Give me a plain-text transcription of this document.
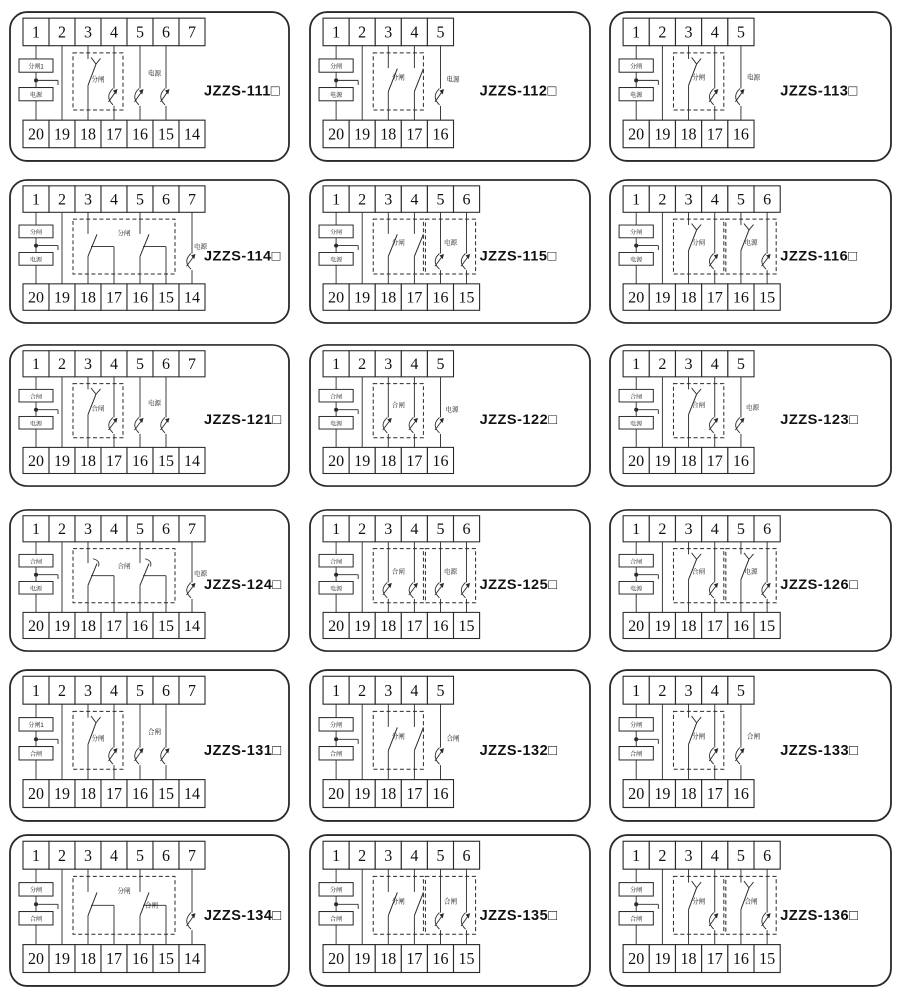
分闸
分闸1
电源
电源
1 2 3 4 5 6 7
20 19 18 17 16 15 14
JZZS-111□
分闸
分闸
电源
电源
1 2 3 4 5
20 19 18 17 16
JZZS-112□
分闸
分闸
电源
电源
1 2 3 4 5
20 19 18 17 16
JZZS-113□
分闸
分闸
电源
电源
1 2 3 4 5 6 7
20 19 18 17 16 15 14
JZZS-114□
分闸	电源
分闸
电源
1 2 3 4 5 6
20 19 18 17 16 15
JZZS-115□
分闸	电源
分闸
电源
1 2 3 4 5 6
20 19 18 17 16 15
JZZS-116□
合闸
合闸
电源
电源
1 2 3 4 5 6 7
20 19 18 17 16 15 14
JZZS-121□
合闸
合闸
电源
电源
1 2 3 4 5
20 19 18 17 16
JZZS-122□
合闸
合闸
电源
电源
1 2 3 4 5
20 19 18 17 16
JZZS-123□
合闸
合闸
电源
电源
1 2 3 4 5 6 7
20 19 18 17 16 15 14
JZZS-124□
合闸	电源
合闸
电源
1 2 3 4 5 6
20 19 18 17 16 15
JZZS-125□
合闸	电源
合闸
电源
1 2 3 4 5 6
20 19 18 17 16 15
JZZS-126□
分闸
分闸1
合闸
合闸
1 2 3 4 5 6 7
20 19 18 17 16 15 14
JZZS-131□
分闸
分闸
合闸
合闸
1 2 3 4 5
20 19 18 17 16
JZZS-132□
分闸
分闸
合闸
合闸
1 2 3 4 5
20 19 18 17 16
JZZS-133□
分闸
分闸
合闸
合闸
1 2 3 4 5 6 7
20 19 18 17 16 15 14
JZZS-134□
分闸	合闸
分闸
合闸
1 2 3 4 5 6
20 19 18 17 16 15
JZZS-135□
分闸	合闸
分闸
合闸
1 2 3 4 5 6
20 19 18 17 16 15
JZZS-136□
